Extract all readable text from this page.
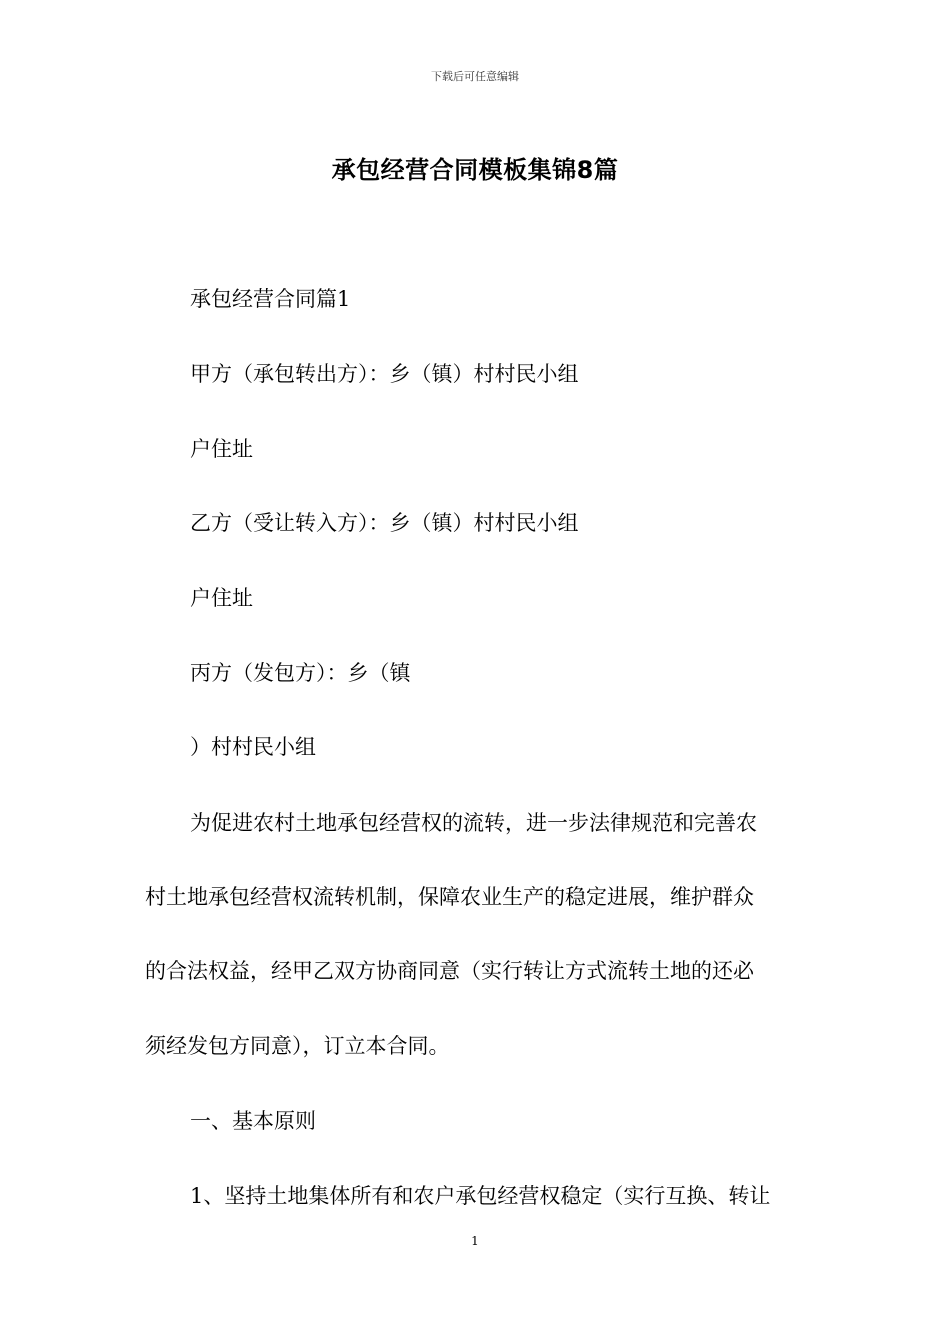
下载后可任意编辑
承包经营合同模板集锦8篇

承包经营合同篇1

甲方（承包转出方）：乡（镇）村村民小组

户住址

乙方（受让转入方）：乡（镇）村村民小组

户住址

丙方（发包方）：乡（镇

）村村民小组

为促进农村土地承包经营权的流转，进一步法律规范和完善农

村土地承包经营权流转机制，保障农业生产的稳定进展，维护群众

的合法权益，经甲乙双方协商同意（实行转让方式流转土地的还必

须经发包方同意），订立本合同。

一、基本原则

1、坚持土地集体所有和农户承包经营权稳定（实行互换、转让

1
